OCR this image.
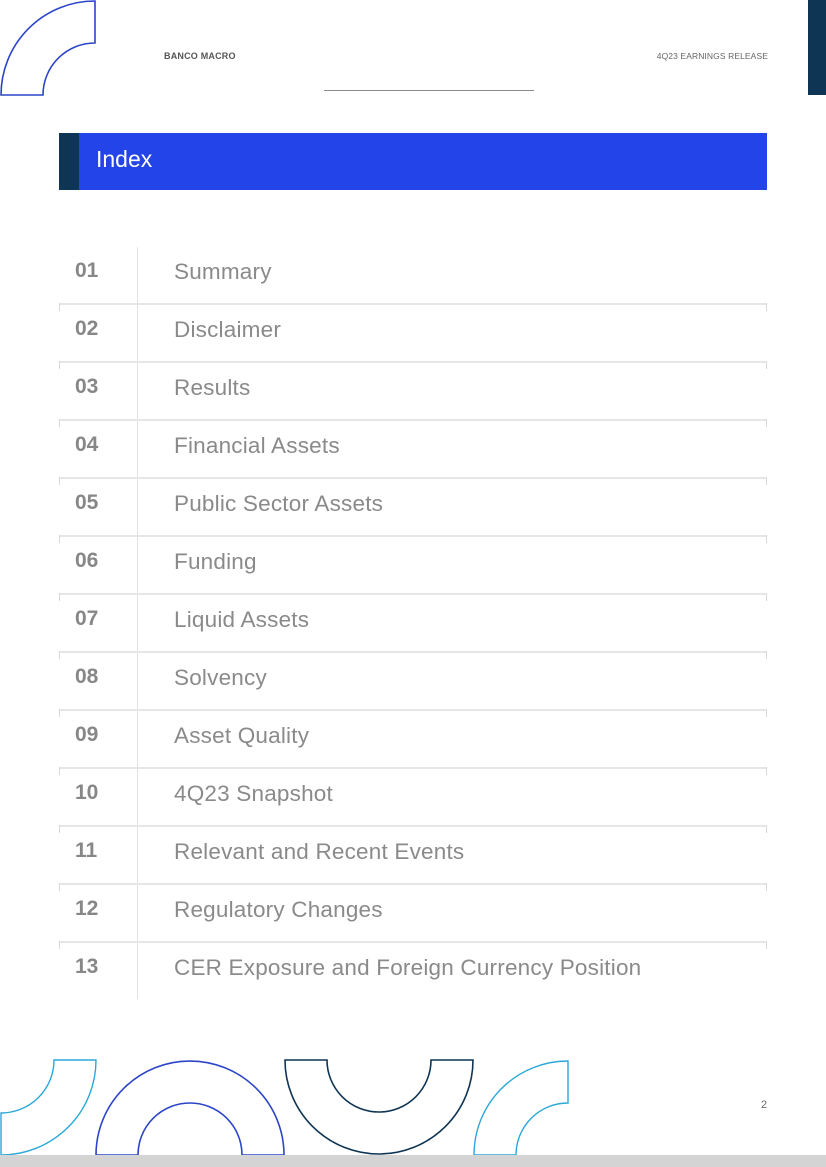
BANCO MACRO	4Q23 EARNINGS RELEASE
Index
01	Summary
02	Disclaimer
03	Results
04	Financial Assets
05	Public Sector Assets
06	Funding
07	Liquid Assets
08	Solvency
09	Asset Quality
10	4Q23 Snapshot
11	Relevant and Recent Events
12	Regulatory Changes
13	CER Exposure and Foreign Currency Position
2
